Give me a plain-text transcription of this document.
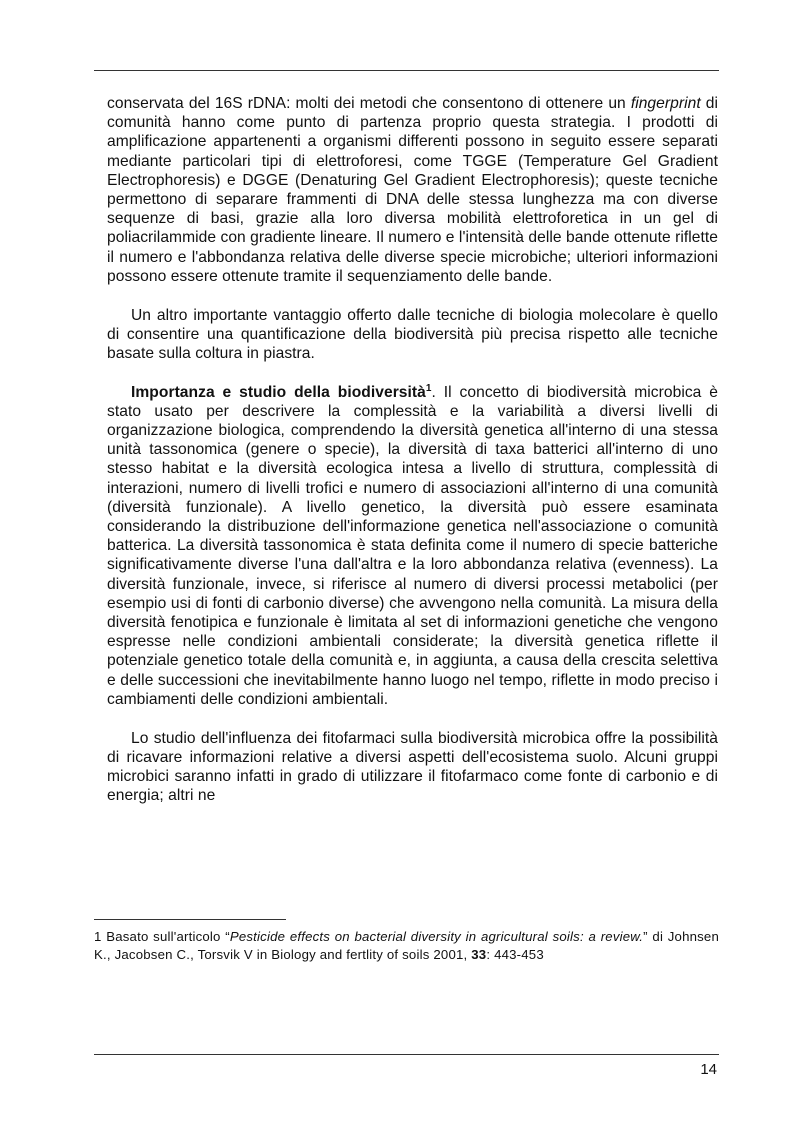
conservata del 16S rDNA: molti dei metodi che consentono di ottenere un fingerprint di comunità hanno come punto di partenza proprio questa strategia. I prodotti di amplificazione appartenenti a organismi differenti possono in seguito essere separati mediante particolari tipi di elettroforesi, come TGGE (Temperature Gel Gradient Electrophoresis) e DGGE (Denaturing Gel Gradient Electrophoresis); queste tecniche permettono di separare frammenti di DNA delle stessa lunghezza ma con diverse sequenze di basi, grazie alla loro diversa mobilità elettroforetica in un gel di poliacrilammide con gradiente lineare. Il numero e l'intensità delle bande ottenute riflette il numero e l'abbondanza relativa delle diverse specie microbiche; ulteriori informazioni possono essere ottenute tramite il sequenziamento delle bande.

Un altro importante vantaggio offerto dalle tecniche di biologia molecolare è quello di consentire una quantificazione della biodiversità più precisa rispetto alle tecniche basate sulla coltura in piastra.

Importanza e studio della biodiversità$^1$. Il concetto di biodiversità microbica è stato usato per descrivere la complessità e la variabilità a diversi livelli di organizzazione biologica, comprendendo la diversità genetica all'interno di una stessa unità tassonomica (genere o specie), la diversità di taxa batterici all'interno di uno stesso habitat e la diversità ecologica intesa a livello di struttura, complessità di interazioni, numero di livelli trofici e numero di associazioni all'interno di una comunità (diversità funzionale). A livello genetico, la diversità può essere esaminata considerando la distribuzione dell'informazione genetica nell'associazione o comunità batterica. La diversità tassonomica è stata definita come il numero di specie batteriche significativamente diverse l'una dall'altra e la loro abbondanza relativa (evenness). La diversità funzionale, invece, si riferisce al numero di diversi processi metabolici (per esempio usi di fonti di carbonio diverse) che avvengono nella comunità. La misura della diversità fenotipica e funzionale è limitata al set di informazioni genetiche che vengono espresse nelle condizioni ambientali considerate; la diversità genetica riflette il potenziale genetico totale della comunità e, in aggiunta, a causa della crescita selettiva e delle successioni che inevitabilmente hanno luogo nel tempo, riflette in modo preciso i cambiamenti delle condizioni ambientali.

Lo studio dell'influenza dei fitofarmaci sulla biodiversità microbica offre la possibilità di ricavare informazioni relative a diversi aspetti dell'ecosistema suolo. Alcuni gruppi microbici saranno infatti in grado di utilizzare il fitofarmaco come fonte di carbonio e di energia; altri ne

1 Basato sull'articolo “Pesticide effects on bacterial diversity in agricultural soils: a review.” di Johnsen K., Jacobsen C., Torsvik V in Biology and fertlity of soils 2001, 33: 443-453
14
